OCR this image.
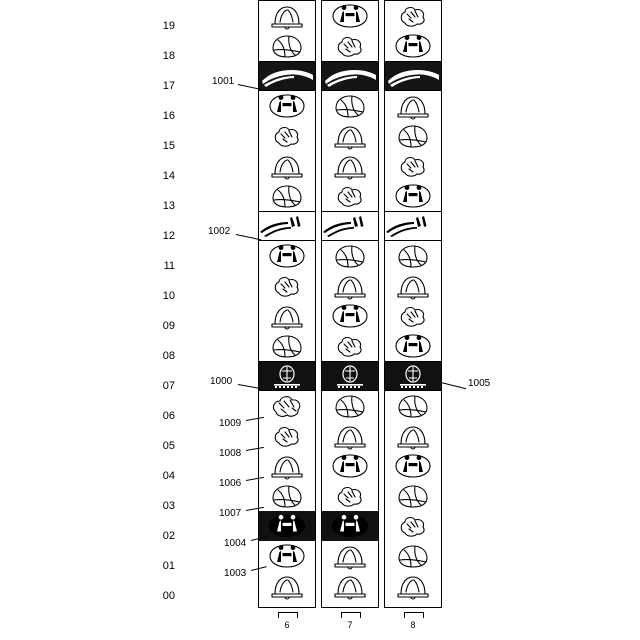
19
18
17
16
15
14
13
12
11
10
09
08
07
06
05
04
03
02
01
00
1001
1002
1000	1005
1009
1008
1006
1007
1004
1003
6	7	8
